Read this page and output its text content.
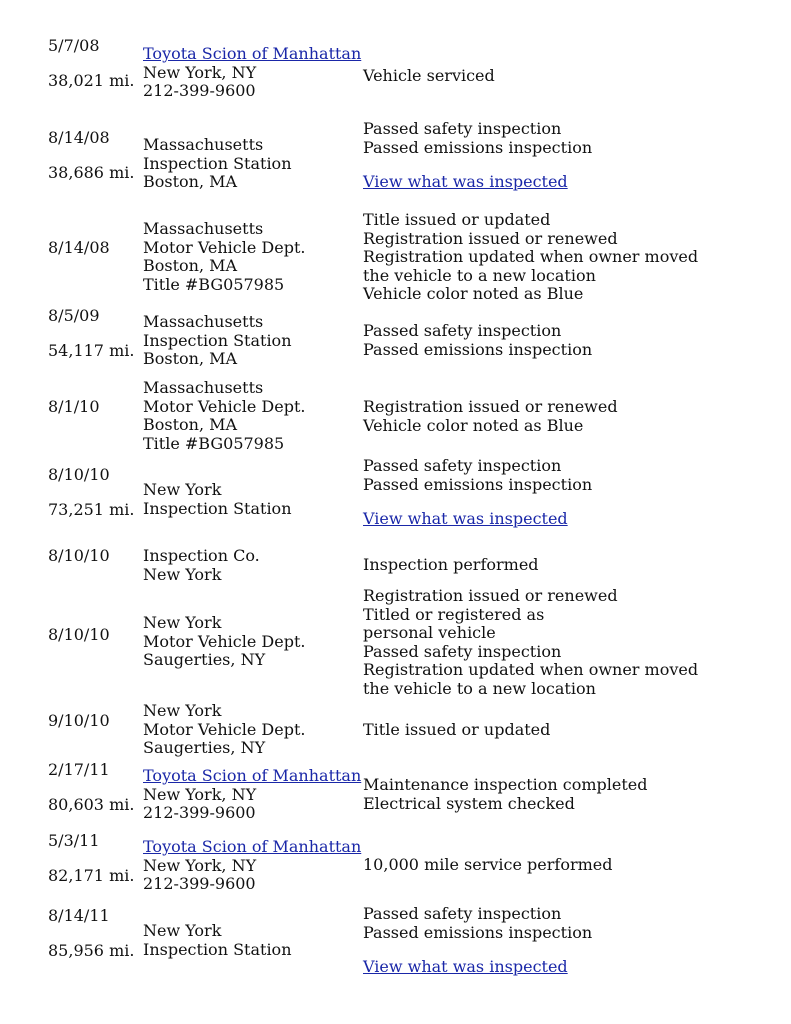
5/7/08
38,021 mi.
Toyota Scion of Manhattan
New York, NY
212-399-9600
Vehicle serviced
8/14/08
38,686 mi.
Massachusetts
Inspection Station
Boston, MA
Passed safety inspection
Passed emissions inspection
View what was inspected
8/14/08
Massachusetts
Motor Vehicle Dept.
Boston, MA
Title #BG057985
Title issued or updated
Registration issued or renewed
Registration updated when owner moved
the vehicle to a new location
Vehicle color noted as Blue
8/5/09
54,117 mi.
Massachusetts
Inspection Station
Boston, MA
Passed safety inspection
Passed emissions inspection
8/1/10
Massachusetts
Motor Vehicle Dept.
Boston, MA
Title #BG057985
Registration issued or renewed
Vehicle color noted as Blue
8/10/10
73,251 mi.
New York
Inspection Station
Passed safety inspection
Passed emissions inspection
View what was inspected
8/10/10	Inspection Co.
New York	Inspection performed
8/10/10
New York
Motor Vehicle Dept.
Saugerties, NY
Registration issued or renewed
Titled or registered as
personal vehicle
Passed safety inspection
Registration updated when owner moved
the vehicle to a new location
9/10/10
New York
Motor Vehicle Dept.
Saugerties, NY
Title issued or updated
2/17/11
80,603 mi.
Toyota Scion of Manhattan
New York, NY
212-399-9600
Maintenance inspection completed
Electrical system checked
5/3/11
82,171 mi.
Toyota Scion of Manhattan
New York, NY
212-399-9600
10,000 mile service performed
8/14/11
85,956 mi.
New York
Inspection Station
Passed safety inspection
Passed emissions inspection
View what was inspected
